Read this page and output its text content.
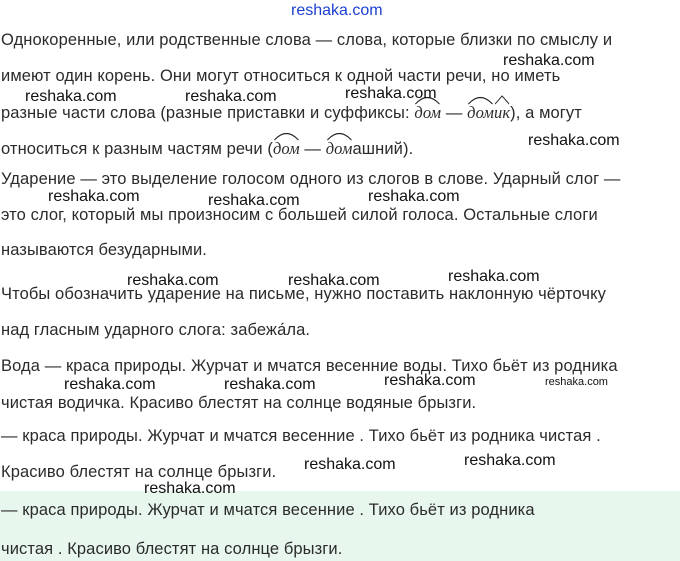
reshaka.com
Однокоренные, или родственные слова — слова, которые близки по смыслу и
имеют один корень. Они могут относиться к одной части речи, но иметь
разные части слова (разные приставки и суффиксы:
дом —
дом
ик), а могут
относиться к разным частям речи (
дом —
домашний).
Ударение — это выделение голосом одного из слогов в слове. Ударный слог —
это слог, который мы произносим с большей силой голоса. Остальные слоги
называются безударными.
Чтобы обозначить ударение на письме, нужно поставить наклонную чёрточку
над гласным ударного слога: забежа́ла.
Вода — краса природы. Журчат и мчатся весенние воды. Тихо бьёт из родника
чистая водичка. Красиво блестят на солнце водяные брызги.
— краса природы. Журчат и мчатся весенние . Тихо бьёт из родника чистая .
Красиво блестят на солнце брызги.
— краса природы. Журчат и мчатся весенние . Тихо бьёт из родника
чистая . Красиво блестят на солнце брызги.
reshaka.com
reshaka.com	reshaka.com	reshaka.com
reshaka.com
reshaka.com	reshaka.com	reshaka.com
reshaka.com	reshaka.com	reshaka.com
reshaka.com	reshaka.com	reshaka.com	reshaka.com
reshaka.com	reshaka.com
reshaka.com
